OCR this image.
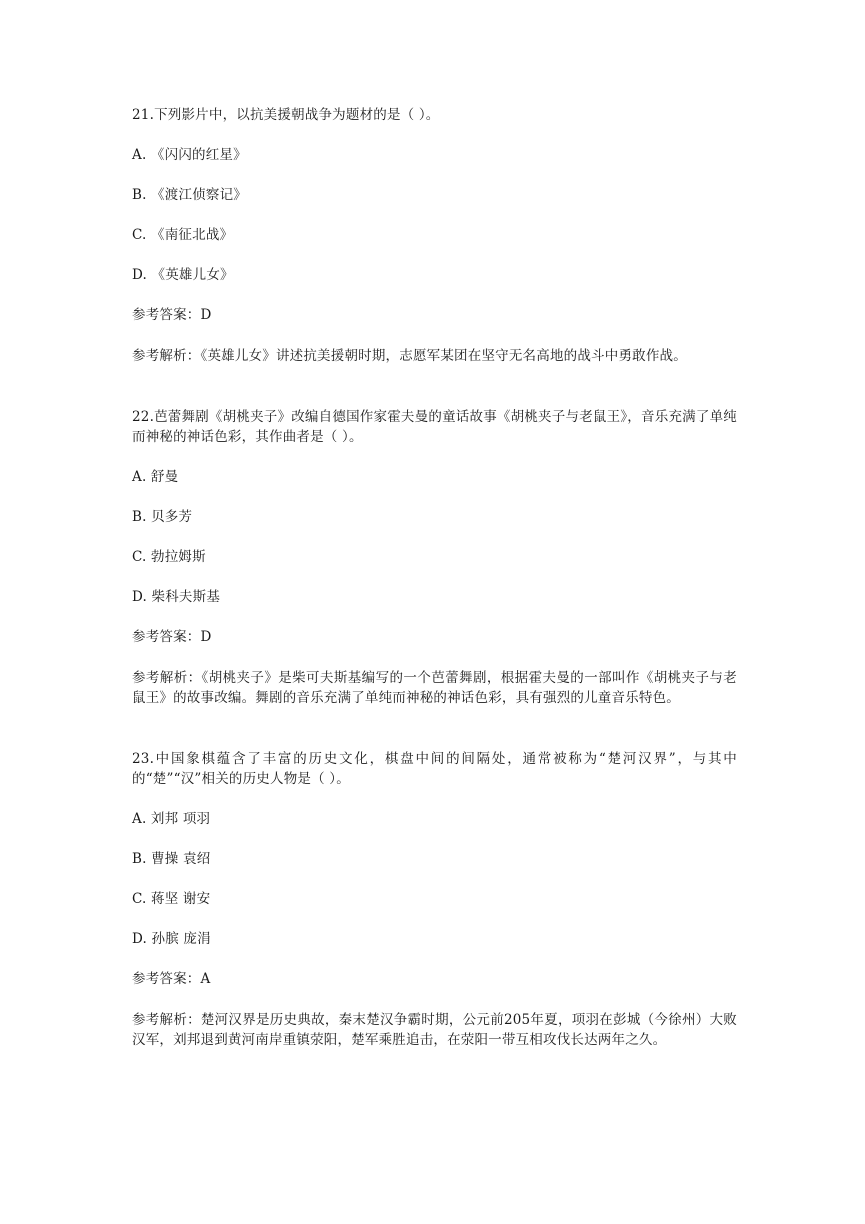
21.下列影片中，以抗美援朝战争为题材的是（ ）。
A. 《闪闪的红星》
B. 《渡江侦察记》
C. 《南征北战》
D. 《英雄儿女》
参考答案：D
参考解析：《英雄儿女》讲述抗美援朝时期，志愿军某团在坚守无名高地的战斗中勇敢作战。
22.芭蕾舞剧《胡桃夹子》改编自德国作家霍夫曼的童话故事《胡桃夹子与老鼠王》，音乐充满了单纯而神秘的神话色彩，其作曲者是（ ）。
A. 舒曼
B. 贝多芳
C. 勃拉姆斯
D. 柴科夫斯基
参考答案：D
参考解析：《胡桃夹子》是柴可夫斯基编写的一个芭蕾舞剧，根据霍夫曼的一部叫作《胡桃夹子与老鼠王》的故事改编。舞剧的音乐充满了单纯而神秘的神话色彩，具有强烈的儿童音乐特色。
23.中国象棋蕴含了丰富的历史文化，棋盘中间的间隔处，通常被称为“楚河汉界”，与其中的“楚”“汉”相关的历史人物是（ ）。
A. 刘邦 项羽
B. 曹操 袁绍
C. 蒋坚 谢安
D. 孙膑 庞涓
参考答案：A
参考解析：楚河汉界是历史典故，秦末楚汉争霸时期，公元前205年夏，项羽在彭城（今徐州）大败汉军，刘邦退到黄河南岸重镇荥阳，楚军乘胜追击，在荥阳一带互相攻伐长达两年之久。
